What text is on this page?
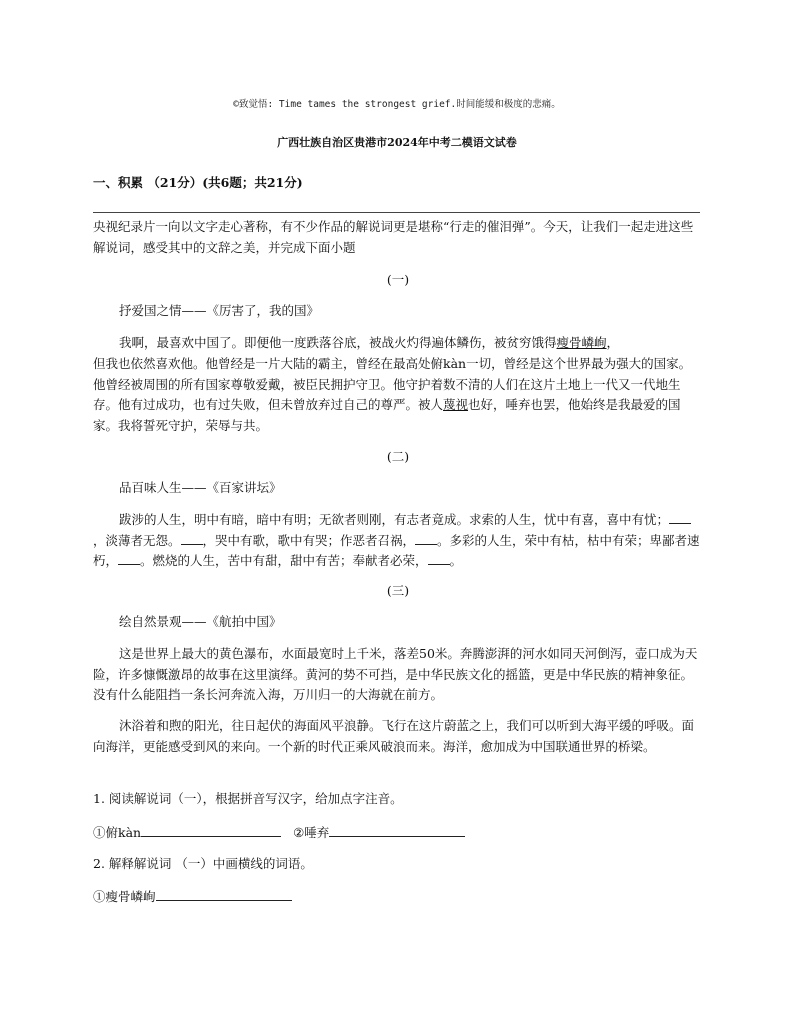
©致觉悟: Time tames the strongest grief.时间能缓和极度的悲痛。
广西壮族自治区贵港市2024年中考二模语文试卷
一、积累 （21分）(共6题；共21分)

央视纪录片一向以文字走心著称，有不少作品的解说词更是堪称“行走的催泪弹”。今天，让我们一起走进这些解说词，感受其中的文辞之美，并完成下面小题

(一)
抒爱国之情——《厉害了，我的国》

我啊，最喜欢中国了。即便他一度跌落谷底，被战火灼得遍体鳞伤，被贫穷饿得瘦骨嶙峋，

但我也依然喜欢他。他曾经是一片大陆的霸主，曾经在最高处俯kàn一切，曾经是这个世界最为强大的国家。他曾经被周围的所有国家尊敬爱戴，被臣民拥护守卫。他守护着数不清的人们在这片土地上一代又一代地生存。他有过成功，也有过失败，但未曾放弃过自己的尊严。被人蔑视也好，唾弃也罢，他始终是我最爱的国家。我将誓死守护，荣辱与共。

(二)
品百味人生——《百家讲坛》

跋涉的人生，明中有暗，暗中有明；无欲者则刚，有志者竟成。求索的人生，忧中有喜，喜中有忧；，淡薄者无怨。 ，哭中有歌，歌中有哭；作恶者召祸， 。多彩的人生，荣中有枯，枯中有荣；卑鄙者速朽， 。燃烧的人生，苦中有甜，甜中有苦；奉献者必荣， 。

(三)
绘自然景观——《航拍中国》
这是世界上最大的黄色瀑布，水面最宽时上千米，落差50米。奔腾澎湃的河水如同天河倒泻，壶口成为天险，许多慷慨激昂的故事在这里演绎。黄河的势不可挡，是中华民族文化的摇篮，更是中华民族的精神象征。没有什么能阻挡一条长河奔流入海，万川归一的大海就在前方。
沐浴着和煦的阳光，往日起伏的海面风平浪静。飞行在这片蔚蓝之上，我们可以听到大海平缓的呼吸。面向海洋，更能感受到风的来向。一个新的时代正乘风破浪而来。海洋，愈加成为中国联通世界的桥梁。
1. 阅读解说词（一），根据拼音写汉字，给加点字注音。
①俯kàn	②唾弃
2. 解释解说词 （一）中画横线的词语。
①瘦骨嶙峋
